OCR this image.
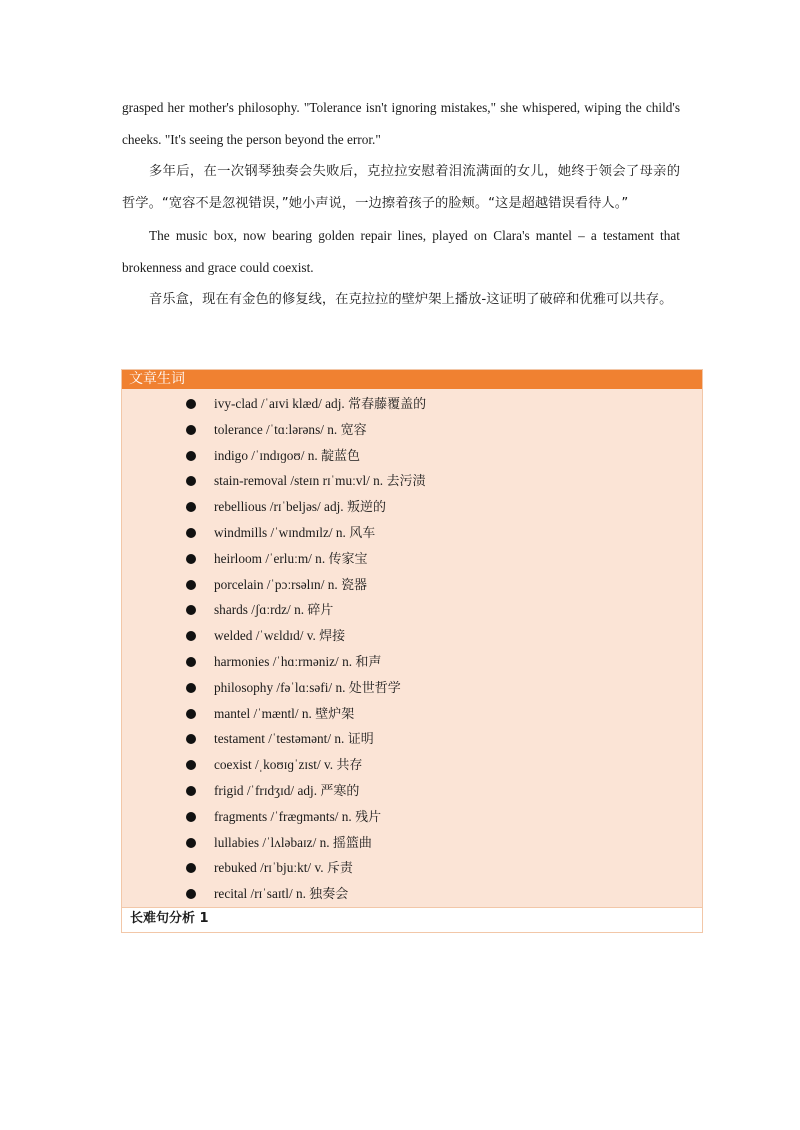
grasped her mother's philosophy. "Tolerance isn't ignoring mistakes," she whispered, wiping the child's cheeks. "It's seeing the person beyond the error."

多年后，在一次钢琴独奏会失败后，克拉拉安慰着泪流满面的女儿，她终于领会了母亲的哲学。“宽容不是忽视错误，”她小声说，一边擦着孩子的脸颊。“这是超越错误看待人。”

The music box, now bearing golden repair lines, played on Clara's mantel – a testament that brokenness and grace could coexist.

音乐盒，现在有金色的修复线，在克拉拉的壁炉架上播放-这证明了破碎和优雅可以共存。

文章生词
ivy-clad /ˈaɪvi klæd/ adj. 常春藤覆盖的
tolerance /ˈtɑːlərəns/ n. 宽容
indigo /ˈɪndɪɡoʊ/ n. 靛蓝色
stain-removal /steɪn rɪˈmuːvl/ n. 去污渍
rebellious /rɪˈbeljəs/ adj. 叛逆的
windmills /ˈwɪndmɪlz/ n. 风车
heirloom /ˈerluːm/ n. 传家宝
porcelain /ˈpɔːrsəlɪn/ n. 瓷器
shards /ʃɑːrdz/ n. 碎片
welded /ˈwɛldɪd/ v. 焊接
harmonies /ˈhɑːrməniz/ n. 和声
philosophy /fəˈlɑːsəfi/ n. 处世哲学
mantel /ˈmæntl/ n. 壁炉架
testament /ˈtestəmənt/ n. 证明
coexist /ˌkoʊɪɡˈzɪst/ v. 共存
frigid /ˈfrɪdʒɪd/ adj. 严寒的
fragments /ˈfræɡmənts/ n. 残片
lullabies /ˈlʌləbaɪz/ n. 摇篮曲
rebuked /rɪˈbjuːkt/ v. 斥责
recital /rɪˈsaɪtl/ n. 独奏会
长难句分析 1
